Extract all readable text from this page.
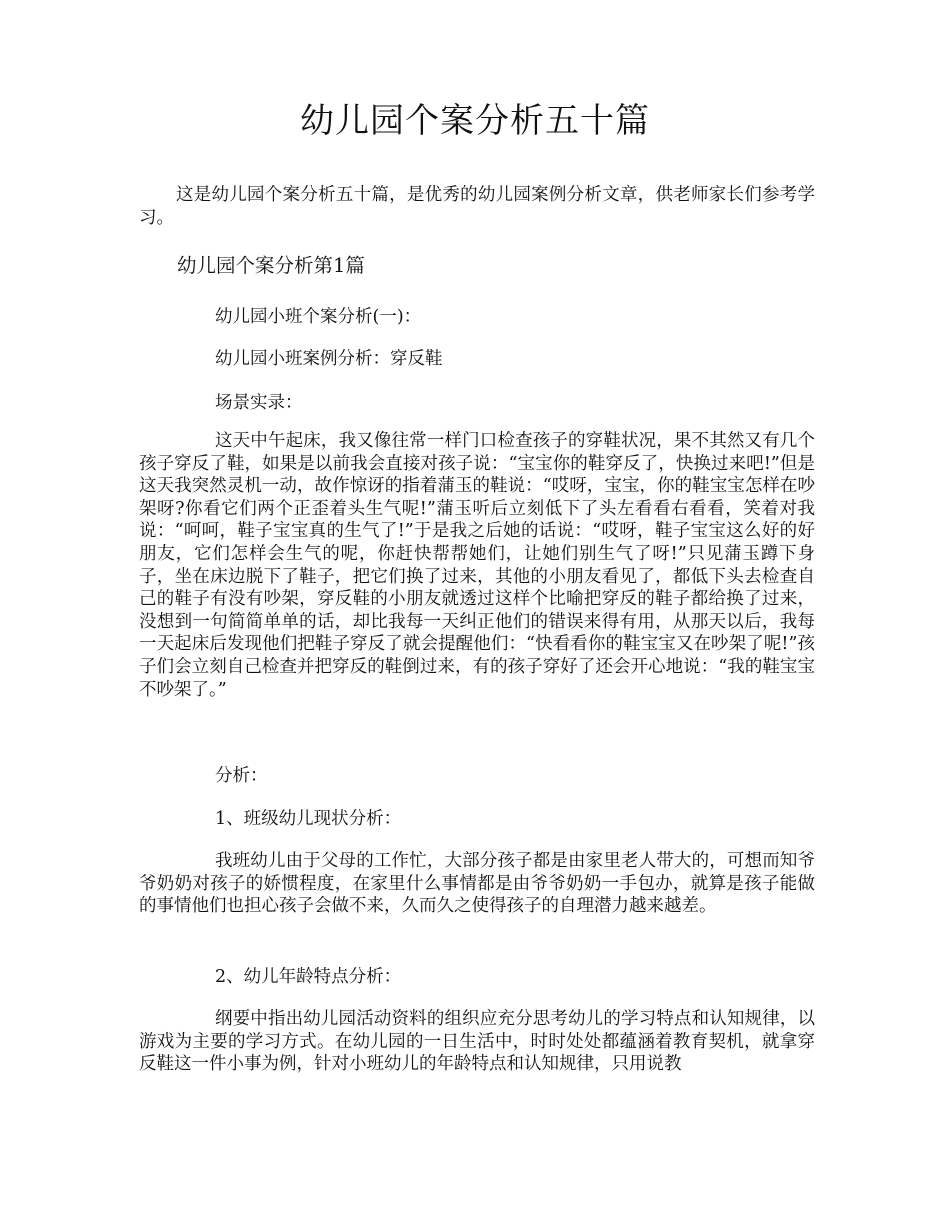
幼儿园个案分析五十篇

这是幼儿园个案分析五十篇，是优秀的幼儿园案例分析文章，供老师家长们参考学习。

幼儿园个案分析第1篇

幼儿园小班个案分析(一)：

幼儿园小班案例分析：穿反鞋

场景实录：

这天中午起床，我又像往常一样门口检查孩子的穿鞋状况，果不其然又有几个孩子穿反了鞋，如果是以前我会直接对孩子说：“宝宝你的鞋穿反了，快换过来吧!”但是这天我突然灵机一动，故作惊讶的指着蒲玉的鞋说：“哎呀，宝宝，你的鞋宝宝怎样在吵架呀?你看它们两个正歪着头生气呢!”蒲玉听后立刻低下了头左看看右看看，笑着对我说：“呵呵，鞋子宝宝真的生气了!”于是我之后她的话说：“哎呀，鞋子宝宝这么好的好朋友，它们怎样会生气的呢，你赶快帮帮她们，让她们别生气了呀!”只见蒲玉蹲下身子，坐在床边脱下了鞋子，把它们换了过来，其他的小朋友看见了，都低下头去检查自己的鞋子有没有吵架，穿反鞋的小朋友就透过这样个比喻把穿反的鞋子都给换了过来，没想到一句简简单单的话，却比我每一天纠正他们的错误来得有用，从那天以后，我每一天起床后发现他们把鞋子穿反了就会提醒他们：“快看看你的鞋宝宝又在吵架了呢!”孩子们会立刻自己检查并把穿反的鞋倒过来，有的孩子穿好了还会开心地说：“我的鞋宝宝不吵架了。”

分析：

1、班级幼儿现状分析：

我班幼儿由于父母的工作忙，大部分孩子都是由家里老人带大的，可想而知爷爷奶奶对孩子的娇惯程度，在家里什么事情都是由爷爷奶奶一手包办，就算是孩子能做的事情他们也担心孩子会做不来，久而久之使得孩子的自理潜力越来越差。

2、幼儿年龄特点分析：

纲要中指出幼儿园活动资料的组织应充分思考幼儿的学习特点和认知规律，以游戏为主要的学习方式。在幼儿园的一日生活中，时时处处都蕴涵着教育契机，就拿穿反鞋这一件小事为例，针对小班幼儿的年龄特点和认知规律，只用说教
